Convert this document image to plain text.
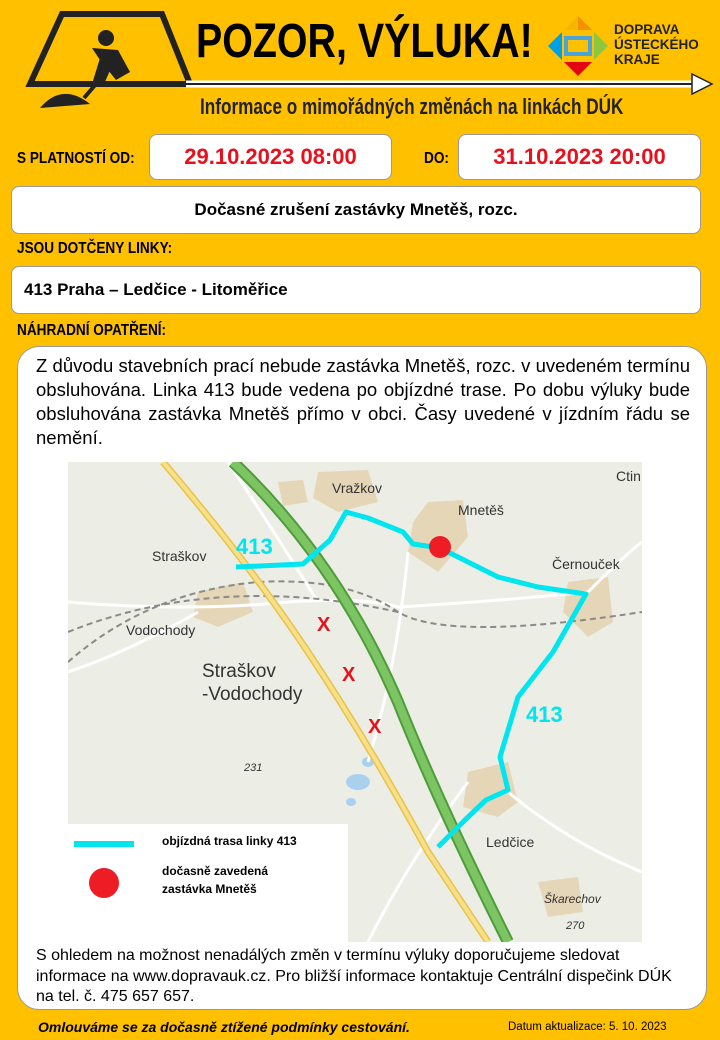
POZOR, VÝLUKA!
Informace o mimořádných změnách na linkách DÚK
DOPRAVA
ÚSTECKÉHO
KRAJE
S PLATNOSTÍ OD:	29.10.2023 08:00	DO:	31.10.2023 20:00
Dočasné zrušení zastávky Mnetěš, rozc.
JSOU DOTČENY LINKY:
413 Praha – Ledčice - Litoměřice
NÁHRADNÍ OPATŘENÍ:
Z důvodu stavebních prací nebude zastávka Mnetěš, rozc. v uvedeném termínu obsluhována. Linka 413 bude vedena po objízdné trase. Po dobu výluky bude obsluhována zastávka Mnetěš přímo v obci. Časy uvedené v jízdním řádu se nemění.
Vražkov
Mnetěš
Ctin
Straškov	Černouček
Vodochody
Straškov
-Vodochody
231
Ledčice
Škarechov
270
413
413
X
X
X
objízdná trasa linky 413
dočasně zavedená
zastávka Mnetěš
S ohledem na možnost nenadálých změn v termínu výluky doporučujeme sledovat informace na www.dopravauk.cz. Pro bližší informace kontaktuje Centrální dispečink DÚK na tel. č. 475 657 657.
Omlouváme se za dočasně ztížené podmínky cestování.	Datum aktualizace: 5. 10. 2023
